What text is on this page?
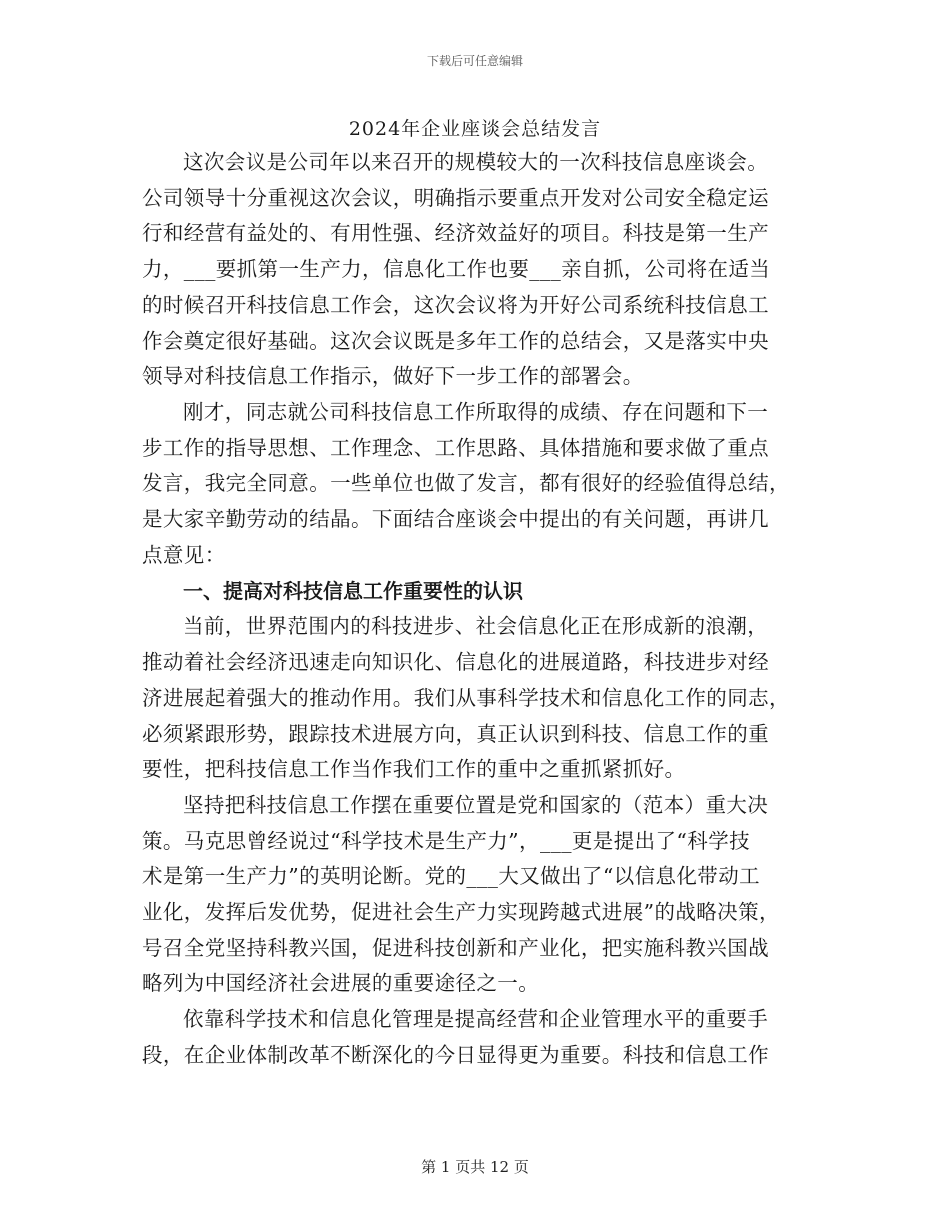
下载后可任意编辑
2024年企业座谈会总结发言

这次会议是公司年以来召开的规模较大的一次科技信息座谈会。
公司领导十分重视这次会议，明确指示要重点开发对公司安全稳定运
行和经营有益处的、有用性强、经济效益好的项目。科技是第一生产
力，___要抓第一生产力，信息化工作也要___亲自抓，公司将在适当
的时候召开科技信息工作会，这次会议将为开好公司系统科技信息工
作会奠定很好基础。这次会议既是多年工作的总结会，又是落实中央
领导对科技信息工作指示，做好下一步工作的部署会。

刚才，同志就公司科技信息工作所取得的成绩、存在问题和下一
步工作的指导思想、工作理念、工作思路、具体措施和要求做了重点
发言，我完全同意。一些单位也做了发言，都有很好的经验值得总结，
是大家辛勤劳动的结晶。下面结合座谈会中提出的有关问题，再讲几
点意见：

一、提高对科技信息工作重要性的认识

当前，世界范围内的科技进步、社会信息化正在形成新的浪潮，
推动着社会经济迅速走向知识化、信息化的进展道路，科技进步对经
济进展起着强大的推动作用。我们从事科学技术和信息化工作的同志，
必须紧跟形势，跟踪技术进展方向，真正认识到科技、信息工作的重
要性，把科技信息工作当作我们工作的重中之重抓紧抓好。

坚持把科技信息工作摆在重要位置是党和国家的（范本）重大决
策。马克思曾经说过“科学技术是生产力”，___更是提出了“科学技
术是第一生产力”的英明论断。党的___大又做出了“以信息化带动工
业化，发挥后发优势，促进社会生产力实现跨越式进展”的战略决策，
号召全党坚持科教兴国，促进科技创新和产业化，把实施科教兴国战
略列为中国经济社会进展的重要途径之一。

依靠科学技术和信息化管理是提高经营和企业管理水平的重要手
段，在企业体制改革不断深化的今日显得更为重要。科技和信息工作

第 1 页共 12 页
